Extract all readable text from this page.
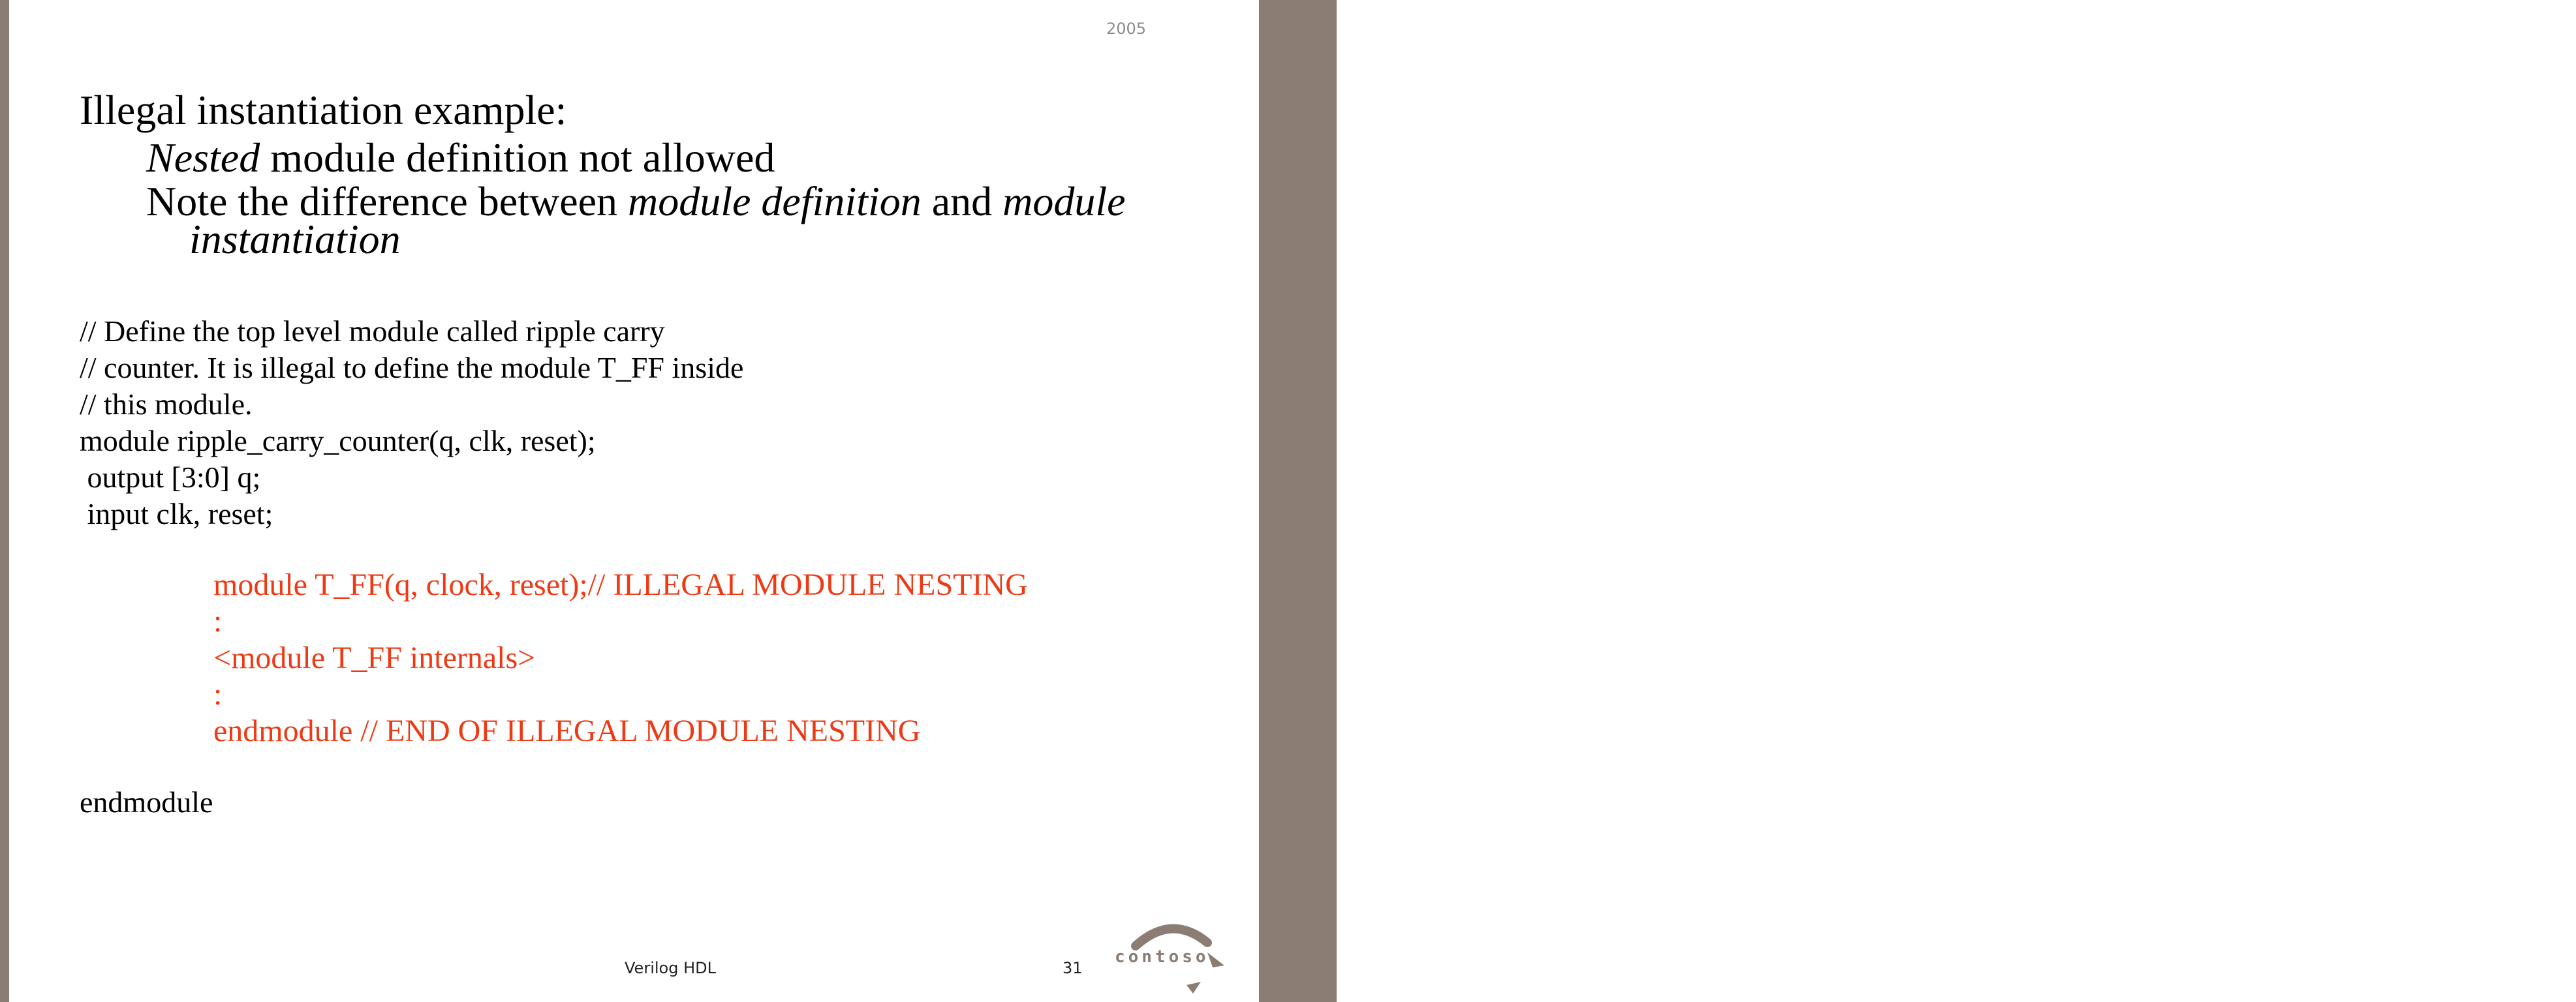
Instances (cont’d)
2005
Illegal instantiation example:
Nested module definition not allowed
Note the difference between module definition and module
instantiation
// Define the top level module called ripple carry
// counter. It is illegal to define the module T_FF inside
// this module.
module ripple_carry_counter(q, clk, reset);
output [3:0] q;
input clk, reset;
module T_FF(q, clock, reset);// ILLEGAL MODULE NESTING
:
<module T_FF internals>
:
endmodule // END OF ILLEGAL MODULE NESTING
endmodule
Verilog HDL	31
contoso
